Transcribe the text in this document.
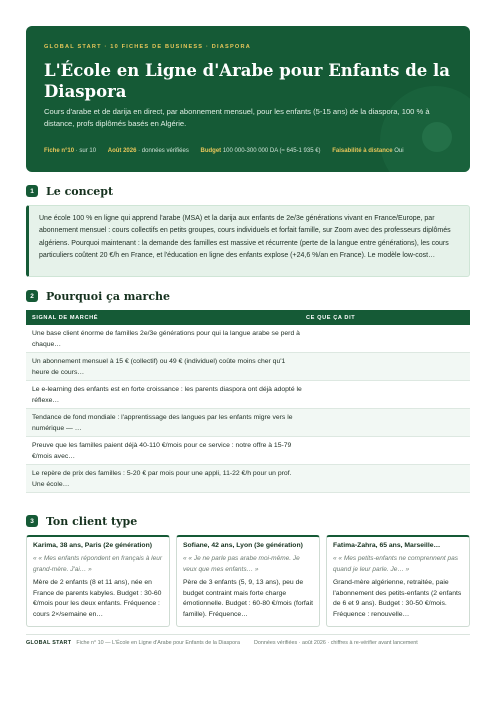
GLOBAL START · 10 FICHES DE BUSINESS · DIASPORA
L'École en Ligne d'Arabe pour Enfants de la Diaspora
Cours d'arabe et de darija en direct, par abonnement mensuel, pour les enfants (5-15 ans) de la diaspora, 100 % à distance, profs diplômés basés en Algérie.
Fiche n°10 · sur 10 Août 2026 · données vérifiées Budget 100 000-300 000 DA (≈ 645-1 935 €) Faisabilité à distance Oui
1	Le concept
Une école 100 % en ligne qui apprend l'arabe (MSA) et la darija aux enfants de 2e/3e générations vivant en France/Europe, par abonnement mensuel : cours collectifs en petits groupes, cours individuels et forfait famille, sur Zoom avec des professeurs diplômés algériens. Pourquoi maintenant : la demande des familles est massive et récurrente (perte de la langue entre générations), les cours particuliers coûtent 20 €/h en France, et l'éducation en ligne des enfants explose (+24,6 %/an en France). Le modèle low-cost…
2	Pourquoi ça marche
SIGNAL DE MARCHÉ	CE QUE ÇA DIT
Une base client énorme de familles 2e/3e générations pour qui la langue arabe se perd à chaque…
Un abonnement mensuel à 15 € (collectif) ou 49 € (individuel) coûte moins cher qu'1 heure de cours…
Le e-learning des enfants est en forte croissance : les parents diaspora ont déjà adopté le réflexe…
Tendance de fond mondiale : l'apprentissage des langues par les enfants migre vers le numérique — …
Preuve que les familles paient déjà 40-110 €/mois pour ce service : notre offre à 15-79 €/mois avec…
Le repère de prix des familles : 5-20 € par mois pour une appli, 11-22 €/h pour un prof. Une école…
3	Ton client type
Karima, 38 ans, Paris (2e génération)
« « Mes enfants répondent en français à leur grand-mère. J'ai… »
Mère de 2 enfants (8 et 11 ans), née en France de parents kabyles. Budget : 30-60 €/mois pour les deux enfants. Fréquence : cours 2×/semaine en…
Sofiane, 42 ans, Lyon (3e génération)
« « Je ne parle pas arabe moi-même. Je veux que mes enfants… »
Père de 3 enfants (5, 9, 13 ans), peu de budget contraint mais forte charge émotionnelle. Budget : 60-80 €/mois (forfait famille). Fréquence…
Fatima-Zahra, 65 ans, Marseille…
« « Mes petits-enfants ne comprennent pas quand je leur parle. Je… »
Grand-mère algérienne, retraitée, paie l'abonnement des petits-enfants (2 enfants de 6 et 9 ans). Budget : 30-50 €/mois. Fréquence : renouvelle…
GLOBAL START Fiche n° 10 — L'École en Ligne d'Arabe pour Enfants de la Diaspora	Données vérifiées · août 2026 · chiffres à re-vérifier avant lancement
